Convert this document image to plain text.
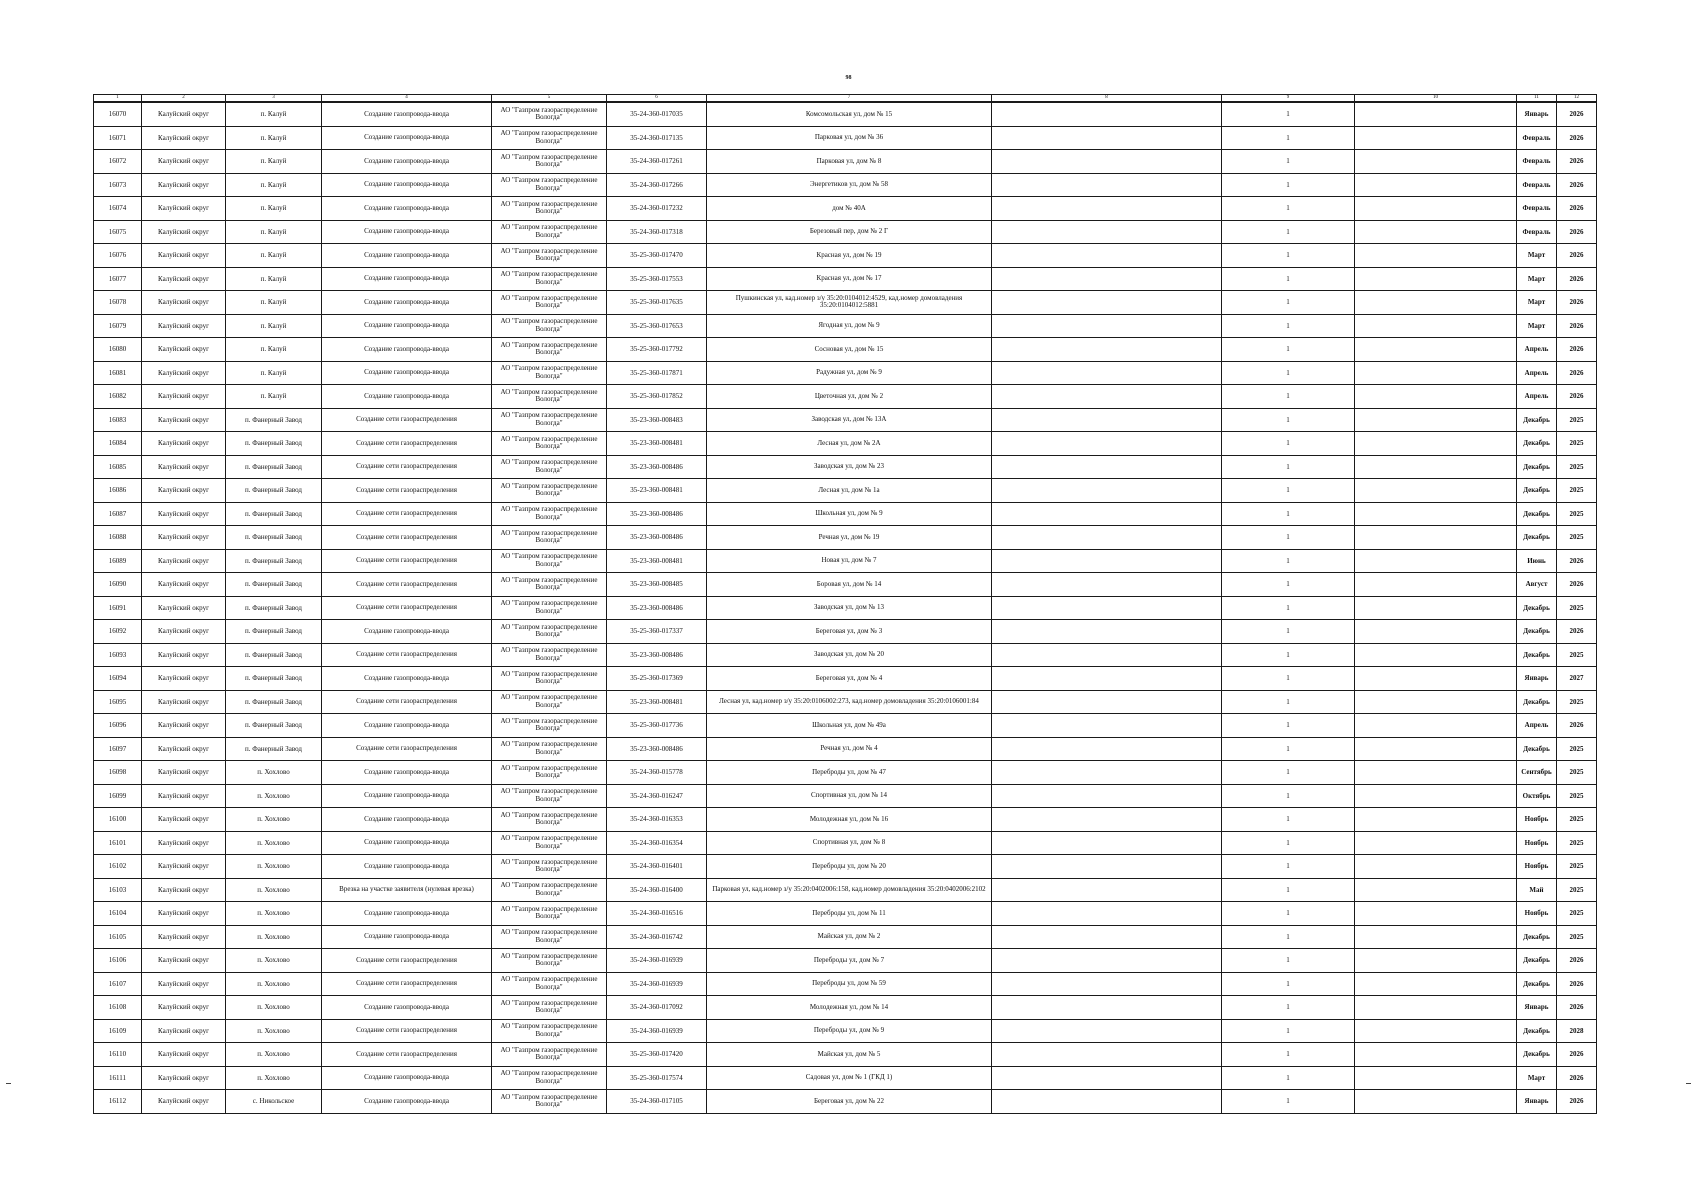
98
1	2	3	4	5	6	7	8	9	10	11	12
16070	Калуйский округ	п. Калуй	Создание газопровода-ввода	АО "Газпром газораспределение Вологда"	35-24-360-017035	Комсомольская ул, дом № 15		1		Январь	2026
16071	Калуйский округ	п. Калуй	Создание газопровода-ввода	АО "Газпром газораспределение Вологда"	35-24-360-017135	Парковая ул, дом № 36		1		Февраль	2026
16072	Калуйский округ	п. Калуй	Создание газопровода-ввода	АО "Газпром газораспределение Вологда"	35-24-360-017261	Парковая ул, дом № 8		1		Февраль	2026
16073	Калуйский округ	п. Калуй	Создание газопровода-ввода	АО "Газпром газораспределение Вологда"	35-24-360-017266	Энергетиков ул, дом № 58		1		Февраль	2026
16074	Калуйский округ	п. Калуй	Создание газопровода-ввода	АО "Газпром газораспределение Вологда"	35-24-360-017232	дом № 40А		1		Февраль	2026
16075	Калуйский округ	п. Калуй	Создание газопровода-ввода	АО "Газпром газораспределение Вологда"	35-24-360-017318	Березовый пер, дом № 2 Г		1		Февраль	2026
16076	Калуйский округ	п. Калуй	Создание газопровода-ввода	АО "Газпром газораспределение Вологда"	35-25-360-017470	Красная ул, дом № 19		1		Март	2026
16077	Калуйский округ	п. Калуй	Создание газопровода-ввода	АО "Газпром газораспределение Вологда"	35-25-360-017553	Красная ул, дом № 17		1		Март	2026
16078	Калуйский округ	п. Калуй	Создание газопровода-ввода	АО "Газпром газораспределение Вологда"	35-25-360-017635	Пушкинская ул, кад.номер з/у 35:20:0104012:4529, кад.номер домовладения 35:20:0104012:5881		1		Март	2026
16079	Калуйский округ	п. Калуй	Создание газопровода-ввода	АО "Газпром газораспределение Вологда"	35-25-360-017653	Ягодная ул, дом № 9		1		Март	2026
16080	Калуйский округ	п. Калуй	Создание газопровода-ввода	АО "Газпром газораспределение Вологда"	35-25-360-017792	Сосновая ул, дом № 15		1		Апрель	2026
16081	Калуйский округ	п. Калуй	Создание газопровода-ввода	АО "Газпром газораспределение Вологда"	35-25-360-017871	Радужная ул, дом № 9		1		Апрель	2026
16082	Калуйский округ	п. Калуй	Создание газопровода-ввода	АО "Газпром газораспределение Вологда"	35-25-360-017852	Цветочная ул, дом № 2		1		Апрель	2026
16083	Калуйский округ	п. Фанерный Завод	Создание сети газораспределения	АО "Газпром газораспределение Вологда"	35-23-360-008483	Заводская ул, дом № 13А		1		Декабрь	2025
16084	Калуйский округ	п. Фанерный Завод	Создание сети газораспределения	АО "Газпром газораспределение Вологда"	35-23-360-008481	Лесная ул, дом № 2А		1		Декабрь	2025
16085	Калуйский округ	п. Фанерный Завод	Создание сети газораспределения	АО "Газпром газораспределение Вологда"	35-23-360-008486	Заводская ул, дом № 23		1		Декабрь	2025
16086	Калуйский округ	п. Фанерный Завод	Создание сети газораспределения	АО "Газпром газораспределение Вологда"	35-23-360-008481	Лесная ул, дом № 1а		1		Декабрь	2025
16087	Калуйский округ	п. Фанерный Завод	Создание сети газораспределения	АО "Газпром газораспределение Вологда"	35-23-360-008486	Школьная ул, дом № 9		1		Декабрь	2025
16088	Калуйский округ	п. Фанерный Завод	Создание сети газораспределения	АО "Газпром газораспределение Вологда"	35-23-360-008486	Речная ул, дом № 19		1		Декабрь	2025
16089	Калуйский округ	п. Фанерный Завод	Создание сети газораспределения	АО "Газпром газораспределение Вологда"	35-23-360-008481	Новая ул, дом № 7		1		Июнь	2026
16090	Калуйский округ	п. Фанерный Завод	Создание сети газораспределения	АО "Газпром газораспределение Вологда"	35-23-360-008485	Боровая ул, дом № 14		1		Август	2026
16091	Калуйский округ	п. Фанерный Завод	Создание сети газораспределения	АО "Газпром газораспределение Вологда"	35-23-360-008486	Заводская ул, дом № 13		1		Декабрь	2025
16092	Калуйский округ	п. Фанерный Завод	Создание газопровода-ввода	АО "Газпром газораспределение Вологда"	35-25-360-017337	Береговая ул, дом № 3		1		Декабрь	2026
16093	Калуйский округ	п. Фанерный Завод	Создание сети газораспределения	АО "Газпром газораспределение Вологда"	35-23-360-008486	Заводская ул, дом № 20		1		Декабрь	2025
16094	Калуйский округ	п. Фанерный Завод	Создание газопровода-ввода	АО "Газпром газораспределение Вологда"	35-25-360-017369	Береговая ул, дом № 4		1		Январь	2027
16095	Калуйский округ	п. Фанерный Завод	Создание сети газораспределения	АО "Газпром газораспределение Вологда"	35-23-360-008481	Лесная ул, кад.номер з/у 35:20:0106002:273, кад.номер домовладения 35:20:0106001:84		1		Декабрь	2025
16096	Калуйский округ	п. Фанерный Завод	Создание газопровода-ввода	АО "Газпром газораспределение Вологда"	35-25-360-017736	Школьная ул, дом № 49а		1		Апрель	2026
16097	Калуйский округ	п. Фанерный Завод	Создание сети газораспределения	АО "Газпром газораспределение Вологда"	35-23-360-008486	Речная ул, дом № 4		1		Декабрь	2025
16098	Калуйский округ	п. Хохлово	Создание газопровода-ввода	АО "Газпром газораспределение Вологда"	35-24-360-015778	Переброды ул, дом № 47		1		Сентябрь	2025
16099	Калуйский округ	п. Хохлово	Создание газопровода-ввода	АО "Газпром газораспределение Вологда"	35-24-360-016247	Спортивная ул, дом № 14		1		Октябрь	2025
16100	Калуйский округ	п. Хохлово	Создание газопровода-ввода	АО "Газпром газораспределение Вологда"	35-24-360-016353	Молодежная ул, дом № 16		1		Ноябрь	2025
16101	Калуйский округ	п. Хохлово	Создание газопровода-ввода	АО "Газпром газораспределение Вологда"	35-24-360-016354	Спортивная ул, дом № 8		1		Ноябрь	2025
16102	Калуйский округ	п. Хохлово	Создание газопровода-ввода	АО "Газпром газораспределение Вологда"	35-24-360-016401	Переброды ул, дом № 20		1		Ноябрь	2025
16103	Калуйский округ	п. Хохлово	Врезка на участке заявителя (нулевая врезка)	АО "Газпром газораспределение Вологда"	35-24-360-016400	Парковая ул, кад.номер з/у 35:20:0402006:158, кад.номер домовладения 35:20:0402006:2102		1		Май	2025
16104	Калуйский округ	п. Хохлово	Создание газопровода-ввода	АО "Газпром газораспределение Вологда"	35-24-360-016516	Переброды ул, дом № 11		1		Ноябрь	2025
16105	Калуйский округ	п. Хохлово	Создание газопровода-ввода	АО "Газпром газораспределение Вологда"	35-24-360-016742	Майская ул, дом № 2		1		Декабрь	2025
16106	Калуйский округ	п. Хохлово	Создание сети газораспределения	АО "Газпром газораспределение Вологда"	35-24-360-016939	Переброды ул, дом № 7		1		Декабрь	2026
16107	Калуйский округ	п. Хохлово	Создание сети газораспределения	АО "Газпром газораспределение Вологда"	35-24-360-016939	Переброды ул, дом № 59		1		Декабрь	2026
16108	Калуйский округ	п. Хохлово	Создание газопровода-ввода	АО "Газпром газораспределение Вологда"	35-24-360-017092	Молодежная ул, дом № 14		1		Январь	2026
16109	Калуйский округ	п. Хохлово	Создание сети газораспределения	АО "Газпром газораспределение Вологда"	35-24-360-016939	Переброды ул, дом № 9		1		Декабрь	2028
16110	Калуйский округ	п. Хохлово	Создание сети газораспределения	АО "Газпром газораспределение Вологда"	35-25-360-017420	Майская ул, дом № 5		1		Декабрь	2026
16111	Калуйский округ	п. Хохлово	Создание газопровода-ввода	АО "Газпром газораспределение Вологда"	35-25-360-017574	Садовая ул, дом № 1 (ГКД 1)		1		Март	2026
16112	Калуйский округ	с. Никольское	Создание газопровода-ввода	АО "Газпром газораспределение Вологда"	35-24-360-017105	Береговая ул, дом № 22		1		Январь	2026
